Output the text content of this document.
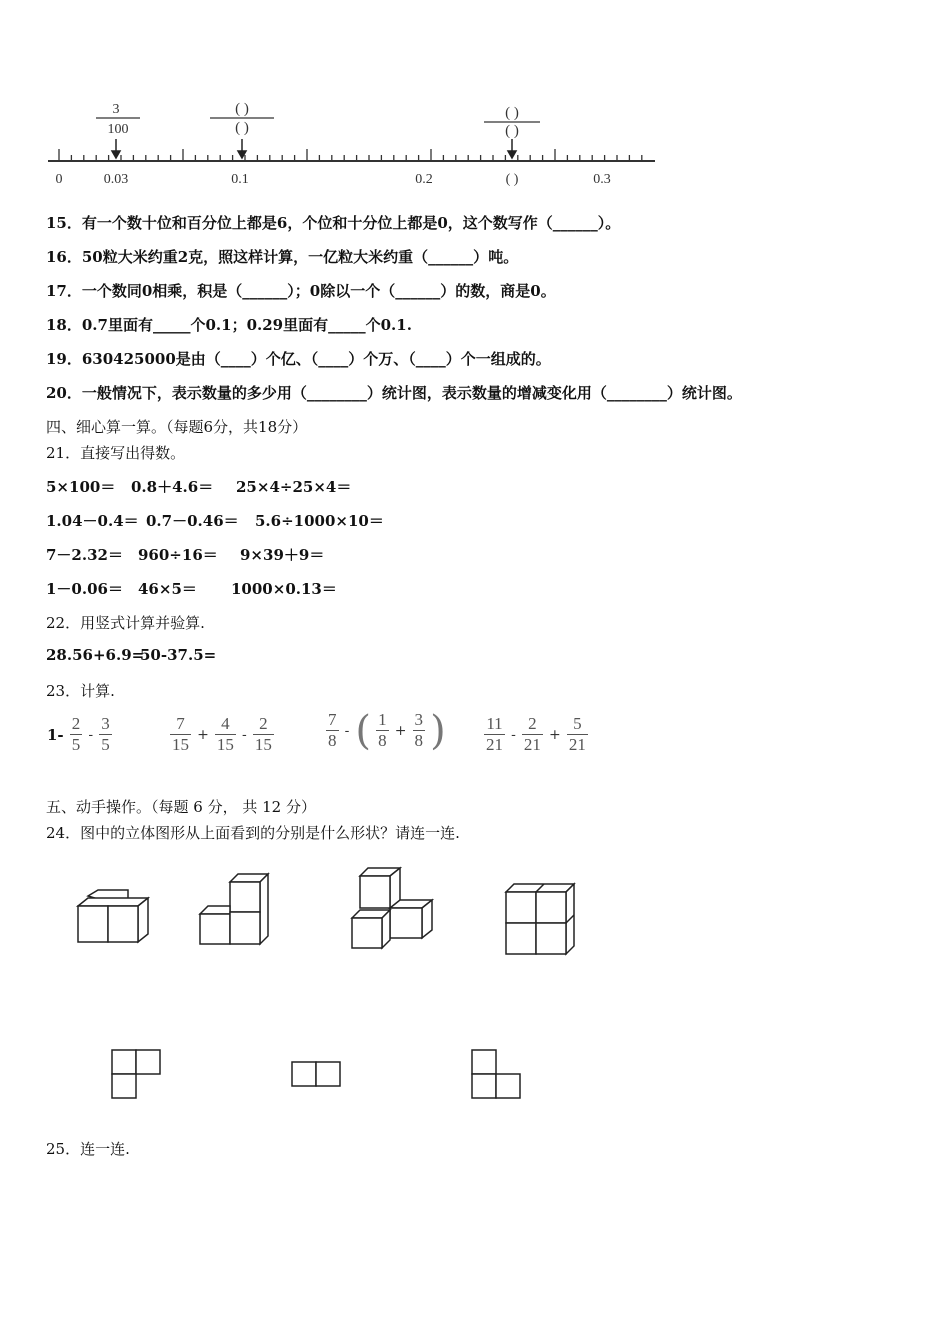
3
100
( )
( )
( )
( )
0	0.03	0.1	0.2	( )	0.3
15．有一个数十位和百分位上都是6，个位和十分位上都是0，这个数写作（______）。
16．50粒大米约重2克，照这样计算，一亿粒大米约重（______）吨。
17．一个数同0相乘，积是（______）；0除以一个（______）的数，商是0。
18．0.7里面有_____个0.1；0.29里面有_____个0.1.
19．630425000是由（____）个亿、（____）个万、（____）个一组成的。
20．一般情况下，表示数量的多少用（________）统计图，表示数量的增减变化用（________）统计图。
四、细心算一算。（每题6分，共18分）
21．直接写出得数。
5×100＝ 0.8＋4.6＝ 25×4÷25×4＝
1.04－0.4＝ 0.7－0.46＝ 5.6÷1000×10＝
7－2.32＝ 960÷16＝ 9×39＋9＝
1－0.06＝ 46×5＝ 1000×0.13＝
22．用竖式计算并验算.
28.56+6.9=
50-37.5=
23．计算.
$1- \frac{2}{5} - \frac{3}{5}$	$\frac{7}{15} + \frac{4}{15} - \frac{2}{15}$	$\frac{7}{8}$ - ( $\frac{1}{8} + \frac{3}{8}$ ) $\frac{11}{21} - \frac{2}{21} + \frac{5}{21}$
五、动手操作。（每题 6 分， 共 12 分）
24．图中的立体图形从上面看到的分别是什么形状？请连一连.
25．连一连.
